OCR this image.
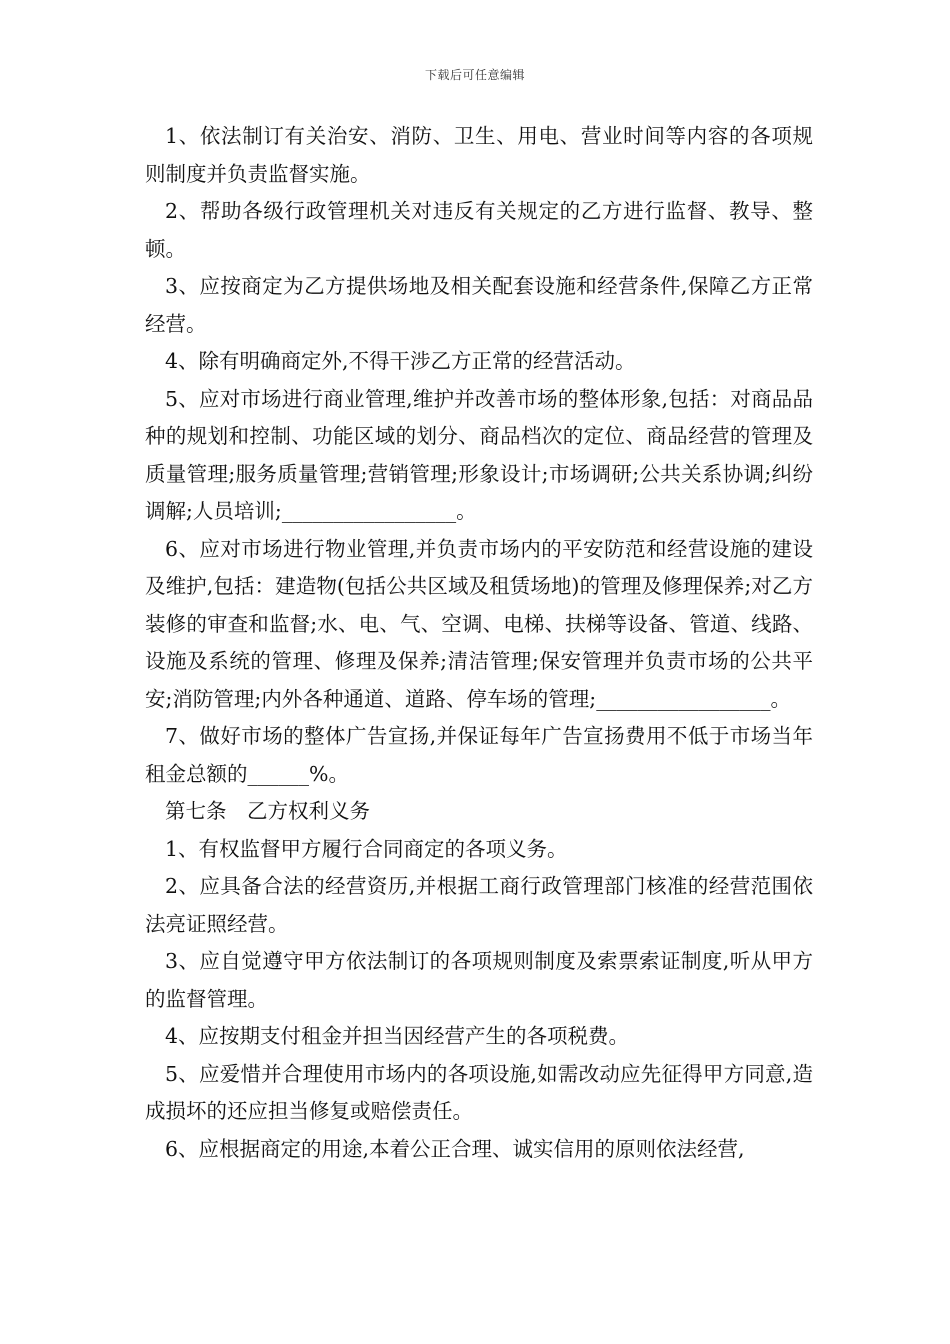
下载后可任意编辑

1、依法制订有关治安、消防、卫生、用电、营业时间等内容的各项规则制度并负责监督实施。

2、帮助各级行政管理机关对违反有关规定的乙方进行监督、教导、整顿。

3、应按商定为乙方提供场地及相关配套设施和经营条件,保障乙方正常经营。

4、除有明确商定外,不得干涉乙方正常的经营活动。

5、应对市场进行商业管理,维护并改善市场的整体形象,包括：对商品品种的规划和控制、功能区域的划分、商品档次的定位、商品经营的管理及质量管理;服务质量管理;营销管理;形象设计;市场调研;公共关系协调;纠纷调解;人员培训;_________________。

6、应对市场进行物业管理,并负责市场内的平安防范和经营设施的建设及维护,包括：建造物(包括公共区域及租赁场地)的管理及修理保养;对乙方装修的审查和监督;水、电、气、空调、电梯、扶梯等设备、管道、线路、设施及系统的管理、修理及保养;清洁管理;保安管理并负责市场的公共平安;消防管理;内外各种通道、道路、停车场的管理;_________________。

7、做好市场的整体广告宣扬,并保证每年广告宣扬费用不低于市场当年租金总额的______%。

第七条　乙方权利义务

1、有权监督甲方履行合同商定的各项义务。

2、应具备合法的经营资历,并根据工商行政管理部门核准的经营范围依法亮证照经营。

3、应自觉遵守甲方依法制订的各项规则制度及索票索证制度,听从甲方的监督管理。

4、应按期支付租金并担当因经营产生的各项税费。

5、应爱惜并合理使用市场内的各项设施,如需改动应先征得甲方同意,造成损坏的还应担当修复或赔偿责任。

6、应根据商定的用途,本着公正合理、诚实信用的原则依法经营,
